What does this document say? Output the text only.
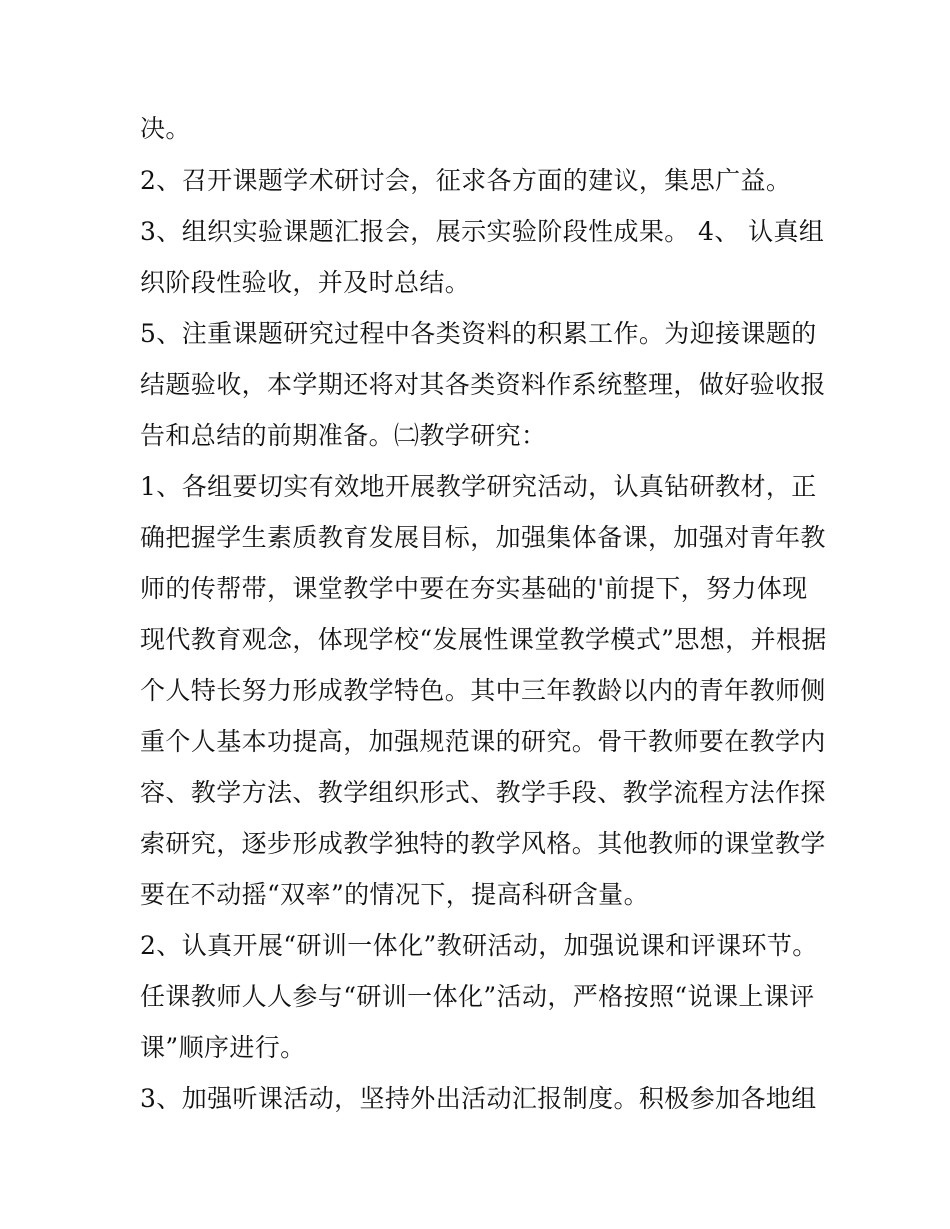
决。
2、召开课题学术研讨会，征求各方面的建议，集思广益。
3、组织实验课题汇报会，展示实验阶段性成果。 4、 认真组
织阶段性验收，并及时总结。
5、注重课题研究过程中各类资料的积累工作。为迎接课题的
结题验收，本学期还将对其各类资料作系统整理，做好验收报
告和总结的前期准备。㈡教学研究：
1、各组要切实有效地开展教学研究活动，认真钻研教材，正
确把握学生素质教育发展目标，加强集体备课，加强对青年教
师的传帮带，课堂教学中要在夯实基础的'前提下，努力体现
现代教育观念，体现学校“发展性课堂教学模式”思想，并根据
个人特长努力形成教学特色。其中三年教龄以内的青年教师侧
重个人基本功提高，加强规范课的研究。骨干教师要在教学内
容、教学方法、教学组织形式、教学手段、教学流程方法作探
索研究，逐步形成教学独特的教学风格。其他教师的课堂教学
要在不动摇“双率”的情况下，提高科研含量。
2、认真开展“研训一体化”教研活动，加强说课和评课环节。
任课教师人人参与“研训一体化”活动，严格按照“说课上课评
课”顺序进行。
3、加强听课活动，坚持外出活动汇报制度。积极参加各地组
